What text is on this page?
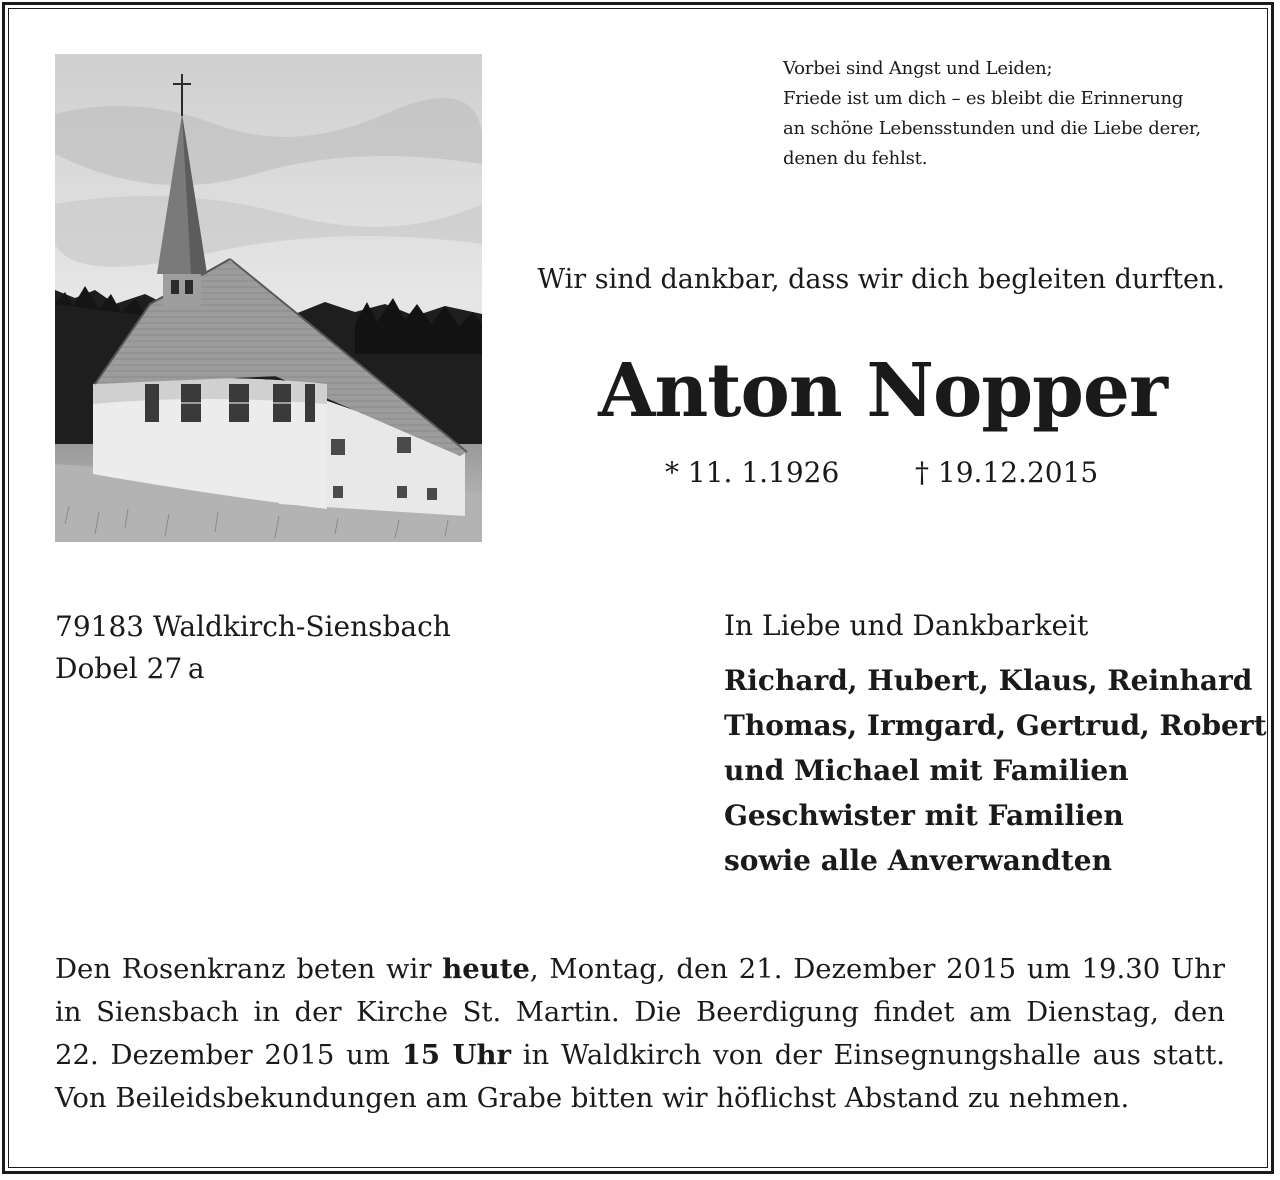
Vorbei sind Angst und Leiden;
Friede ist um dich – es bleibt die Erinnerung
an schöne Lebensstunden und die Liebe derer,
denen du fehlst.
Wir sind dankbar, dass wir dich begleiten durften.
Anton Nopper
* 11. 1.1926	† 19.12.2015
79183 Waldkirch-Siensbach
Dobel 27 a
In Liebe und Dankbarkeit
Richard, Hubert, Klaus, Reinhard
Thomas, Irmgard, Gertrud, Robert
und Michael mit Familien
Geschwister mit Familien
sowie alle Anverwandten
Den Rosenkranz beten wir heute, Montag, den 21. Dezember 2015 um 19.30 Uhr
in Siensbach in der Kirche St. Martin. Die Beerdigung findet am Dienstag, den
22. Dezember 2015 um 15 Uhr in Waldkirch von der Einsegnungshalle aus statt.
Von Beileidsbekundungen am Grabe bitten wir höflichst Abstand zu nehmen.
